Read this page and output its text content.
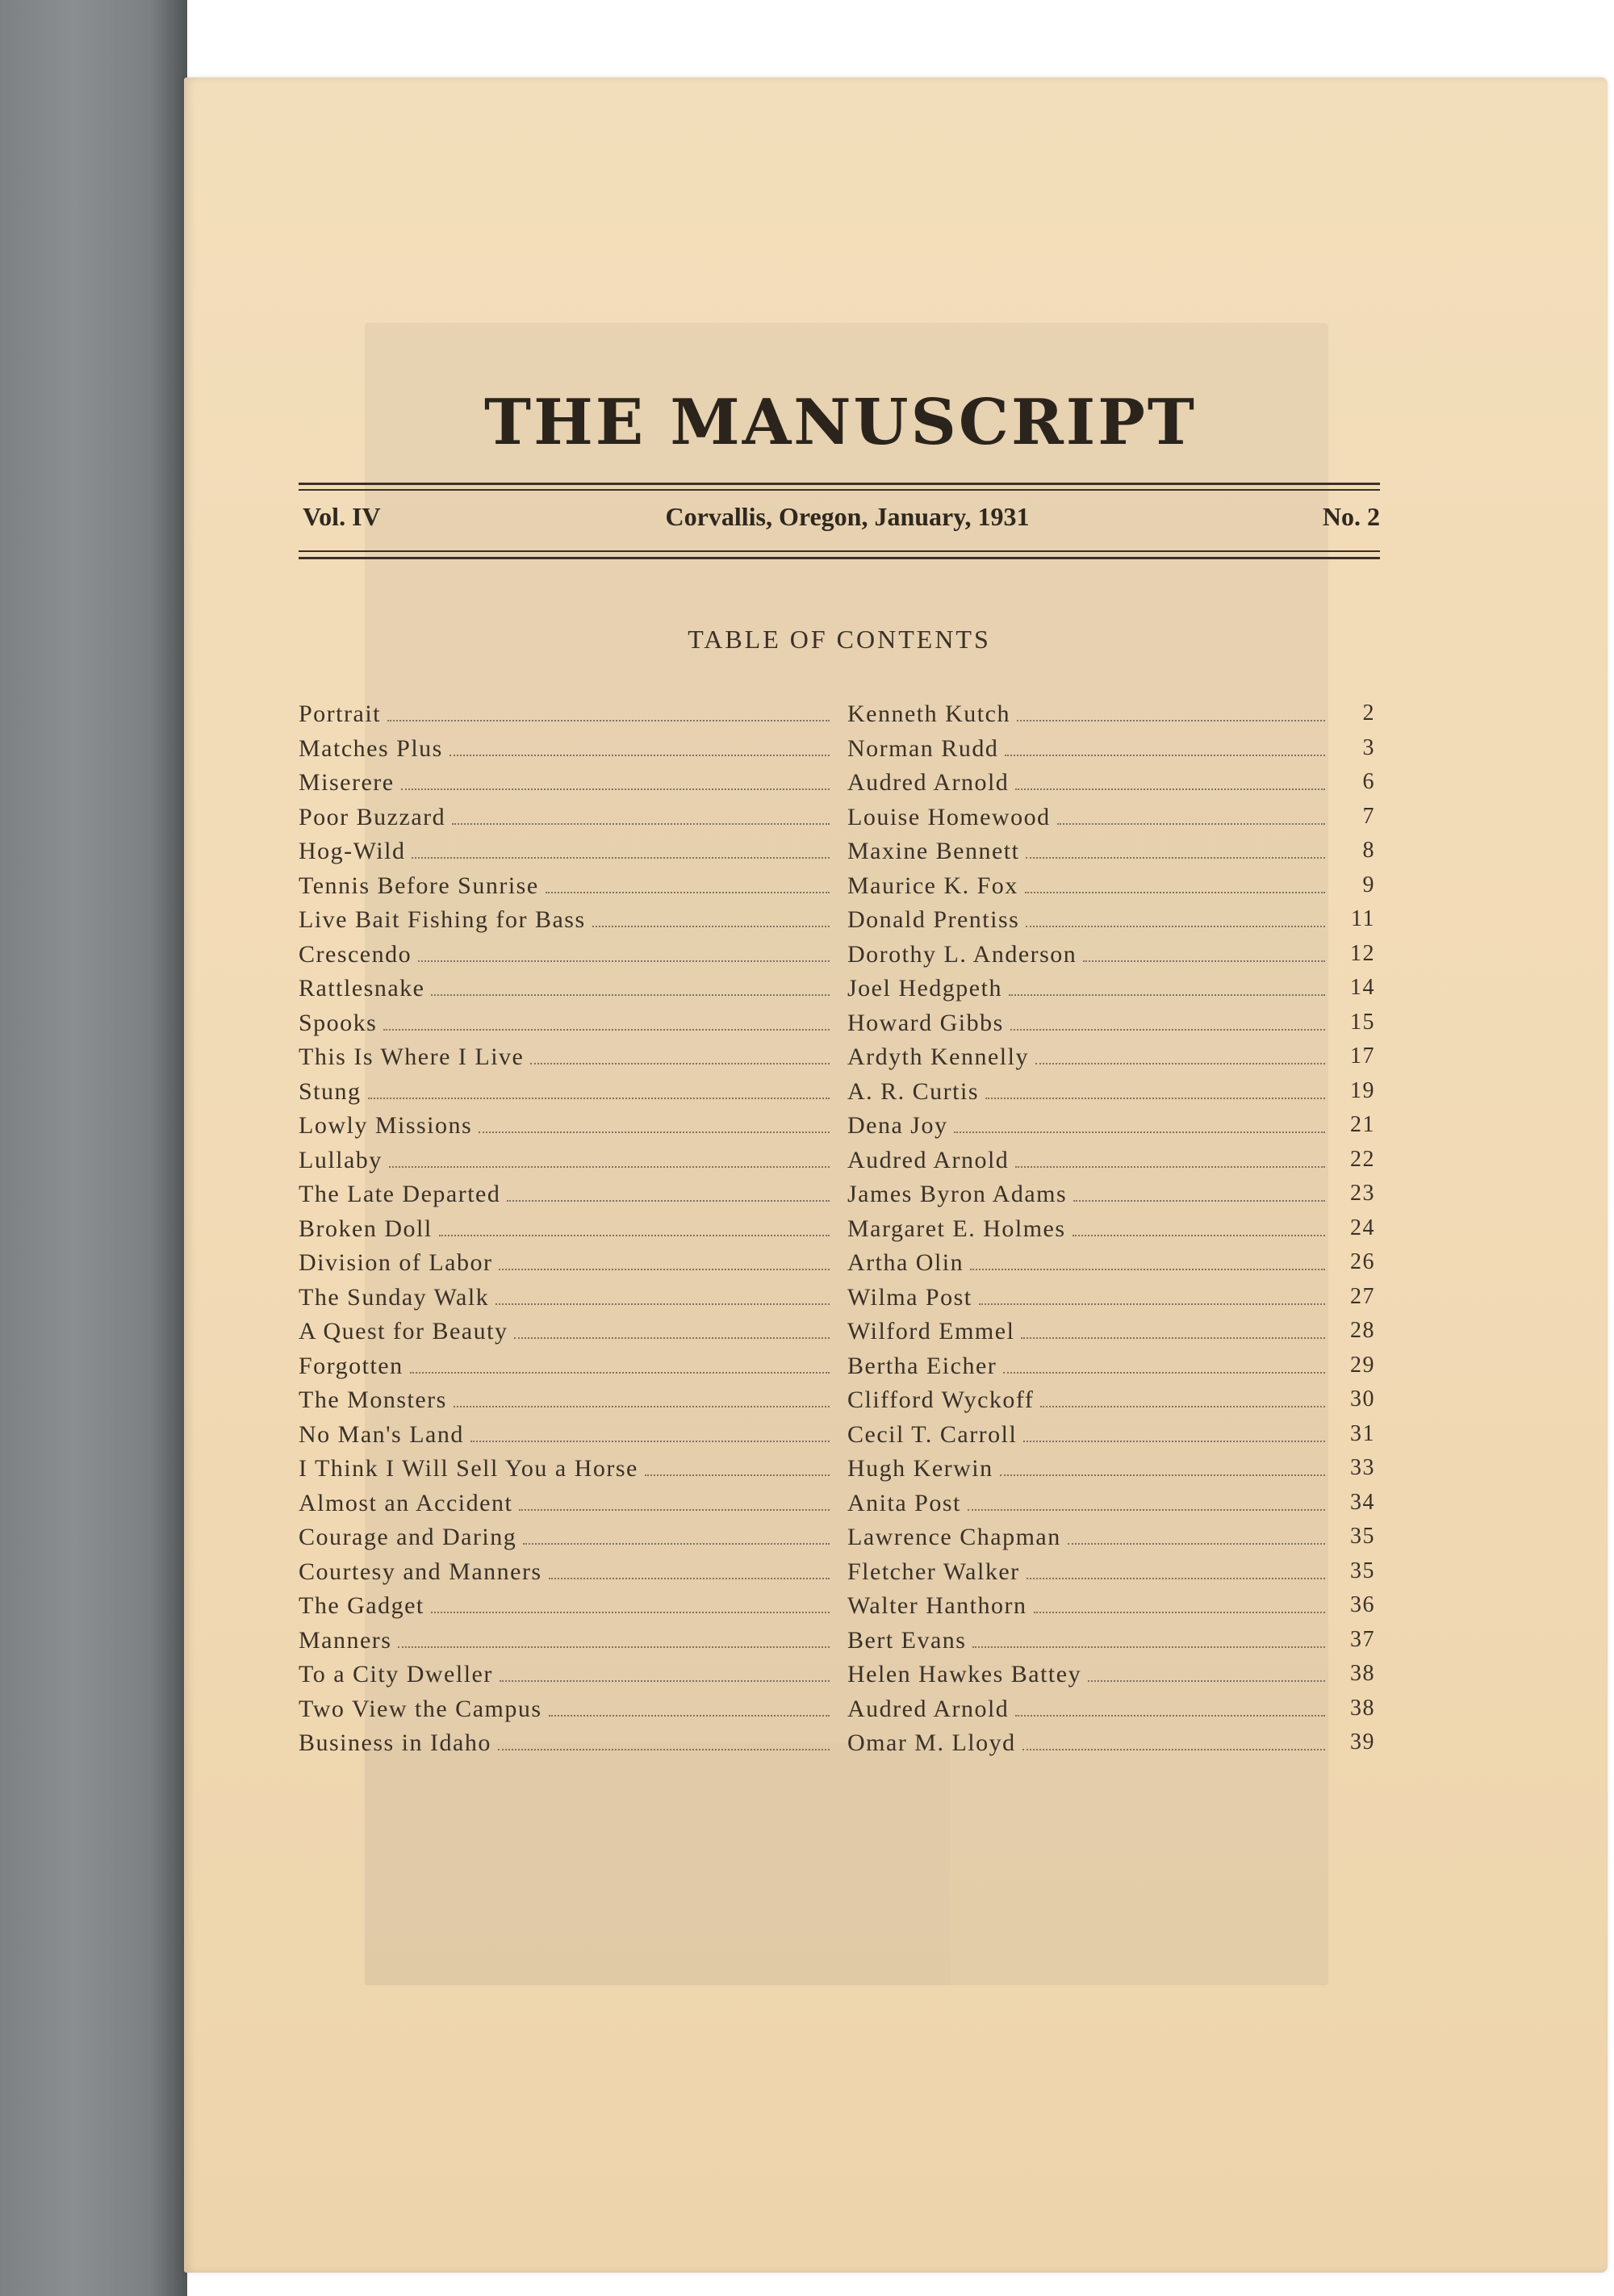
THE MANUSCRIPT
Vol. IV	Corvallis, Oregon, January, 1931	No. 2
TABLE OF CONTENTS
Portrait	Kenneth Kutch	2
Matches Plus	Norman Rudd	3
Miserere	Audred Arnold	6
Poor Buzzard	Louise Homewood	7
Hog-Wild	Maxine Bennett	8
Tennis Before Sunrise	Maurice K. Fox	9
Live Bait Fishing for Bass	Donald Prentiss	11
Crescendo	Dorothy L. Anderson	12
Rattlesnake	Joel Hedgpeth	14
Spooks	Howard Gibbs	15
This Is Where I Live	Ardyth Kennelly	17
Stung	A. R. Curtis	19
Lowly Missions	Dena Joy	21
Lullaby	Audred Arnold	22
The Late Departed	James Byron Adams	23
Broken Doll	Margaret E. Holmes	24
Division of Labor	Artha Olin	26
The Sunday Walk	Wilma Post	27
A Quest for Beauty	Wilford Emmel	28
Forgotten	Bertha Eicher	29
The Monsters	Clifford Wyckoff	30
No Man's Land	Cecil T. Carroll	31
I Think I Will Sell You a Horse	Hugh Kerwin	33
Almost an Accident	Anita Post	34
Courage and Daring	Lawrence Chapman	35
Courtesy and Manners	Fletcher Walker	35
The Gadget	Walter Hanthorn	36
Manners	Bert Evans	37
To a City Dweller	Helen Hawkes Battey	38
Two View the Campus	Audred Arnold	38
Business in Idaho	Omar M. Lloyd	39
